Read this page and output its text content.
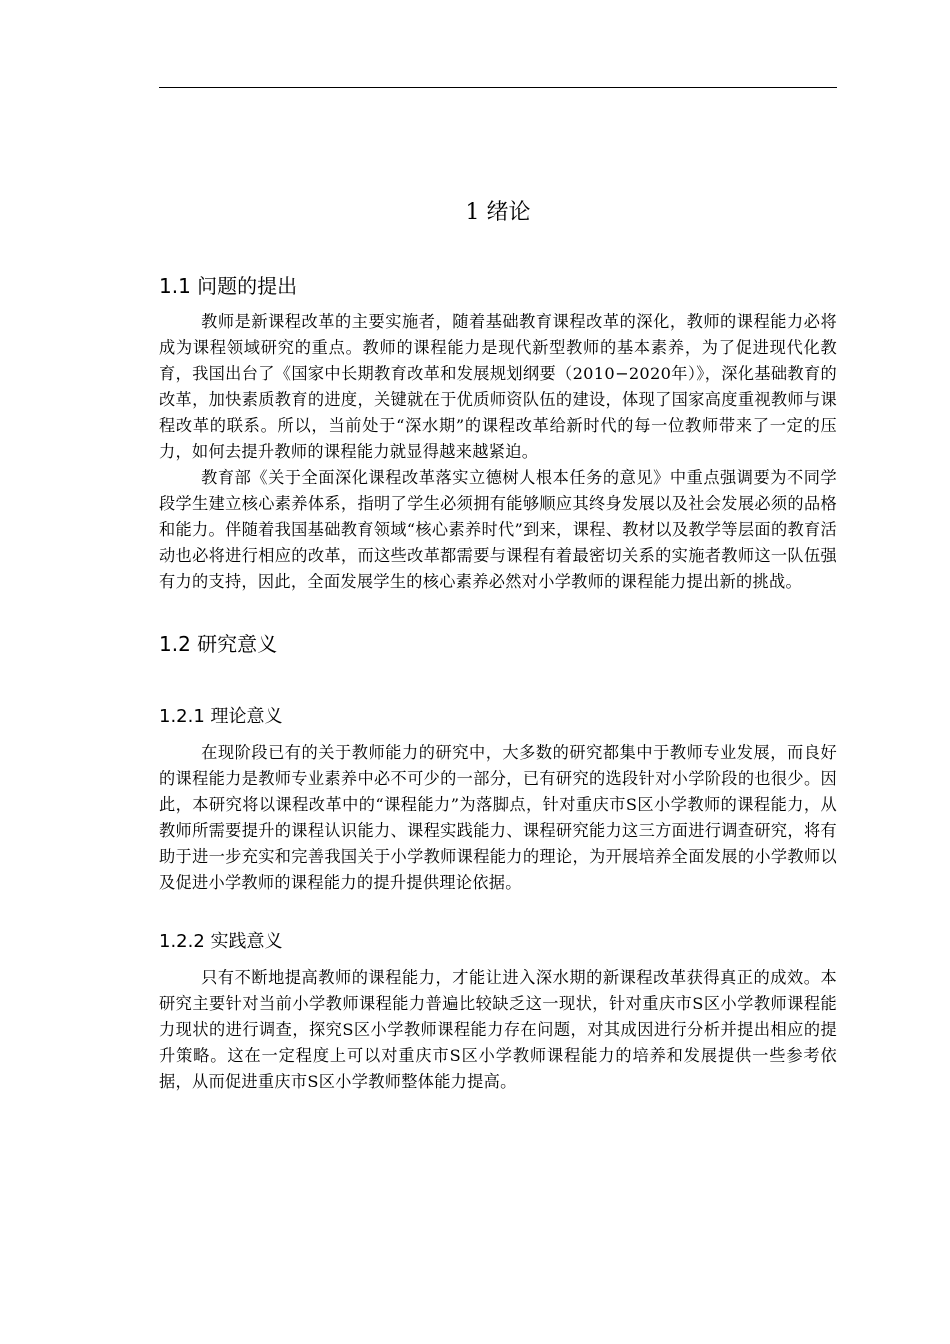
1 绪论
1.1 问题的提出

教师是新课程改革的主要实施者，随着基础教育课程改革的深化，教师的课程能力必将成为课程领域研究的重点。教师的课程能力是现代新型教师的基本素养，为了促进现代化教育，我国出台了《国家中长期教育改革和发展规划纲要（2010−2020年）》，深化基础教育的改革，加快素质教育的进度，关键就在于优质师资队伍的建设，体现了国家高度重视教师与课程改革的联系。所以，当前处于“深水期”的课程改革给新时代的每一位教师带来了一定的压力，如何去提升教师的课程能力就显得越来越紧迫。

教育部《关于全面深化课程改革落实立德树人根本任务的意见》中重点强调要为不同学段学生建立核心素养体系，指明了学生必须拥有能够顺应其终身发展以及社会发展必须的品格和能力。伴随着我国基础教育领域“核心素养时代”到来，课程、教材以及教学等层面的教育活动也必将进行相应的改革，而这些改革都需要与课程有着最密切关系的实施者教师这一队伍强有力的支持，因此，全面发展学生的核心素养必然对小学教师的课程能力提出新的挑战。

1.2 研究意义
1.2.1 理论意义

在现阶段已有的关于教师能力的研究中，大多数的研究都集中于教师专业发展，而良好的课程能力是教师专业素养中必不可少的一部分，已有研究的选段针对小学阶段的也很少。因此，本研究将以课程改革中的“课程能力”为落脚点，针对重庆市S区小学教师的课程能力，从教师所需要提升的课程认识能力、课程实践能力、课程研究能力这三方面进行调查研究，将有助于进一步充实和完善我国关于小学教师课程能力的理论，为开展培养全面发展的小学教师以及促进小学教师的课程能力的提升提供理论依据。

1.2.2 实践意义

只有不断地提高教师的课程能力，才能让进入深水期的新课程改革获得真正的成效。本研究主要针对当前小学教师课程能力普遍比较缺乏这一现状，针对重庆市S区小学教师课程能力现状的进行调查，探究S区小学教师课程能力存在问题，对其成因进行分析并提出相应的提升策略。这在一定程度上可以对重庆市S区小学教师课程能力的培养和发展提供一些参考依据，从而促进重庆市S区小学教师整体能力提高。
